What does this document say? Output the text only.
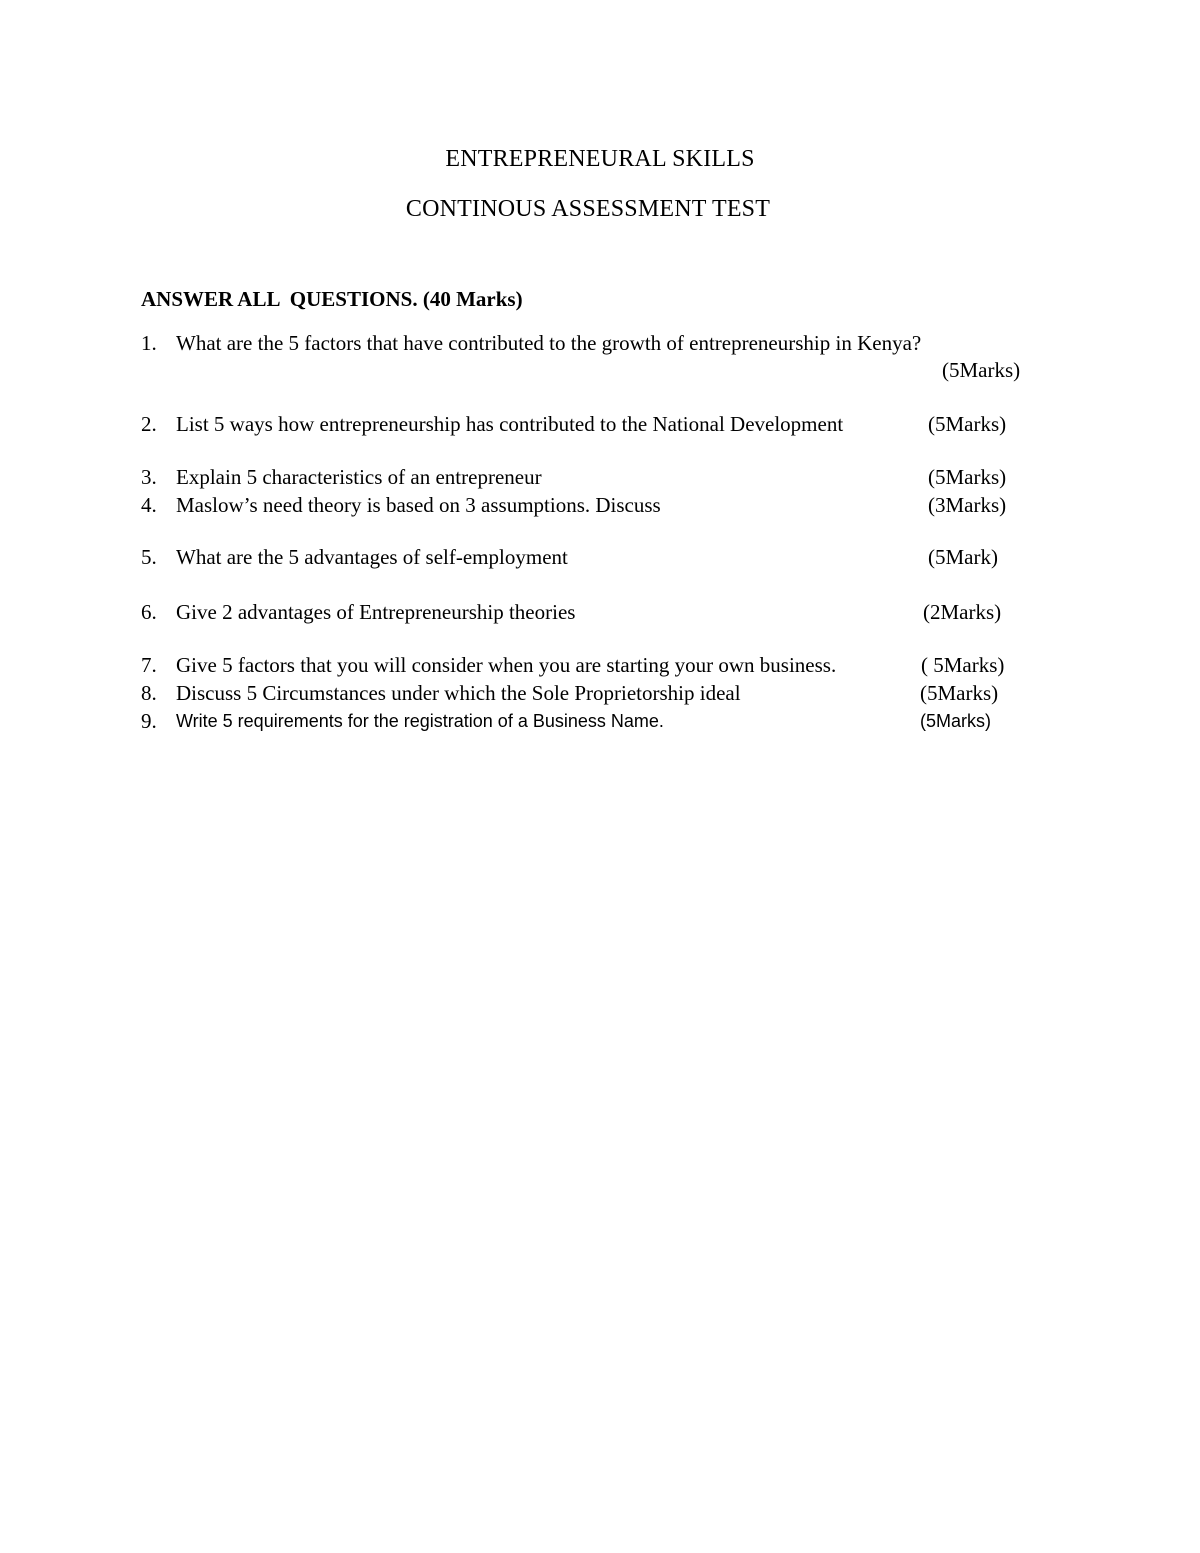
ENTREPRENEURAL SKILLS
CONTINOUS ASSESSMENT TEST
ANSWER ALL  QUESTIONS. (40 Marks)
1. What are the 5 factors that have contributed to the growth of entrepreneurship in Kenya?
(5Marks)
2. List 5 ways how entrepreneurship has contributed to the National Development	(5Marks)
3. Explain 5 characteristics of an entrepreneur	(5Marks)
4. Maslow’s need theory is based on 3 assumptions. Discuss	(3Marks)
5. What are the 5 advantages of self-employment	(5Mark)
6. Give 2 advantages of Entrepreneurship theories	(2Marks)
7. Give 5 factors that you will consider when you are starting your own business.	( 5Marks)
8. Discuss 5 Circumstances under which the Sole Proprietorship ideal	(5Marks)
9. Write 5 requirements for the registration of a Business Name.	(5Marks)
